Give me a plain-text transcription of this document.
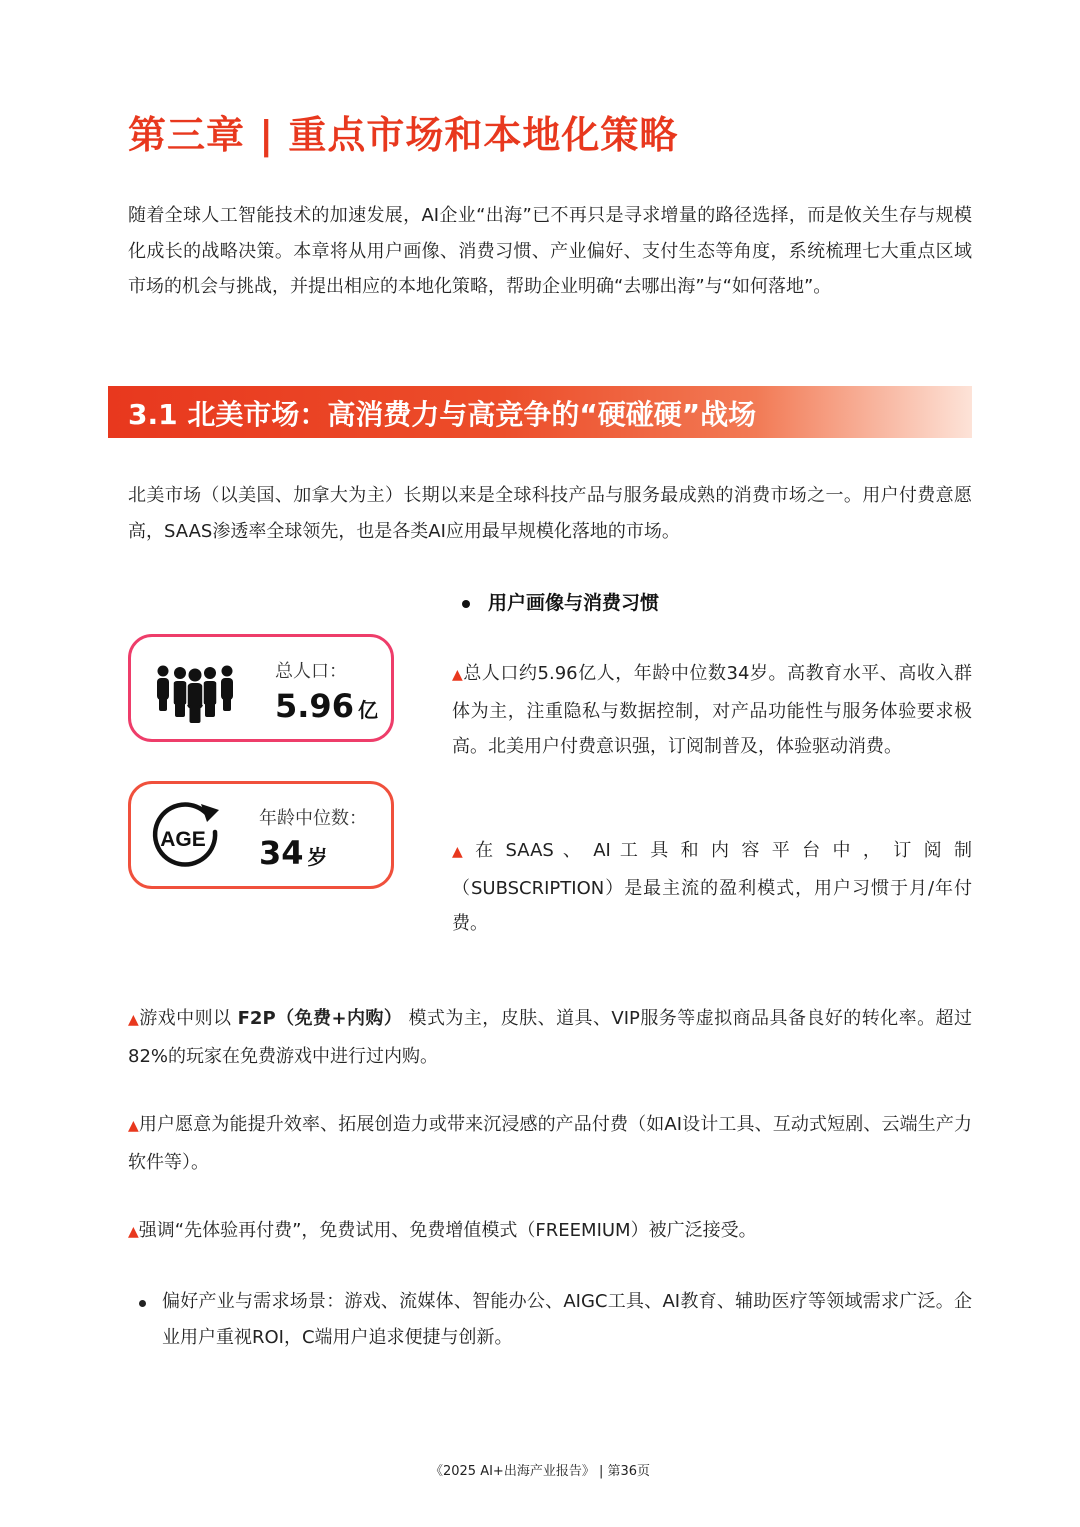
第三章 | 重点市场和本地化策略

随着全球人工智能技术的加速发展，AI企业“出海”已不再只是寻求增量的路径选择，而是攸关生存与规模化成长的战略决策。本章将从用户画像、消费习惯、产业偏好、支付生态等角度，系统梳理七大重点区域市场的机会与挑战，并提出相应的本地化策略，帮助企业明确“去哪出海”与“如何落地”。

3.1 北美市场：高消费力与高竞争的“硬碰硬”战场

北美市场（以美国、加拿大为主）长期以来是全球科技产品与服务最成熟的消费市场之一。用户付费意愿高，SAAS渗透率全球领先，也是各类AI应用最早规模化落地的市场。

用户画像与消费习惯
总人口：
5.96 亿
AGE
年龄中位数：
34 岁

▲总人口约5.96亿人，年龄中位数34岁。高教育水平、高收入群体为主，注重隐私与数据控制，对产品功能性与服务体验要求极高。北美用户付费意识强，订阅制普及，体验驱动消费。

▲ 在 SAAS 、 AI 工 具 和 内 容 平 台 中 ， 订 阅 制（SUBSCRIPTION）是最主流的盈利模式，用户习惯于月/年付费。

▲游戏中则以 F2P（免费+内购） 模式为主，皮肤、道具、VIP服务等虚拟商品具备良好的转化率。超过82%的玩家在免费游戏中进行过内购。

▲用户愿意为能提升效率、拓展创造力或带来沉浸感的产品付费（如AI设计工具、互动式短剧、云端生产力软件等）。

▲强调“先体验再付费”，免费试用、免费增值模式（FREEMIUM）被广泛接受。

偏好产业与需求场景：游戏、流媒体、智能办公、AIGC工具、AI教育、辅助医疗等领域需求广泛。企业用户重视ROI，C端用户追求便捷与创新。

《2025 AI+出海产业报告》 | 第36页
